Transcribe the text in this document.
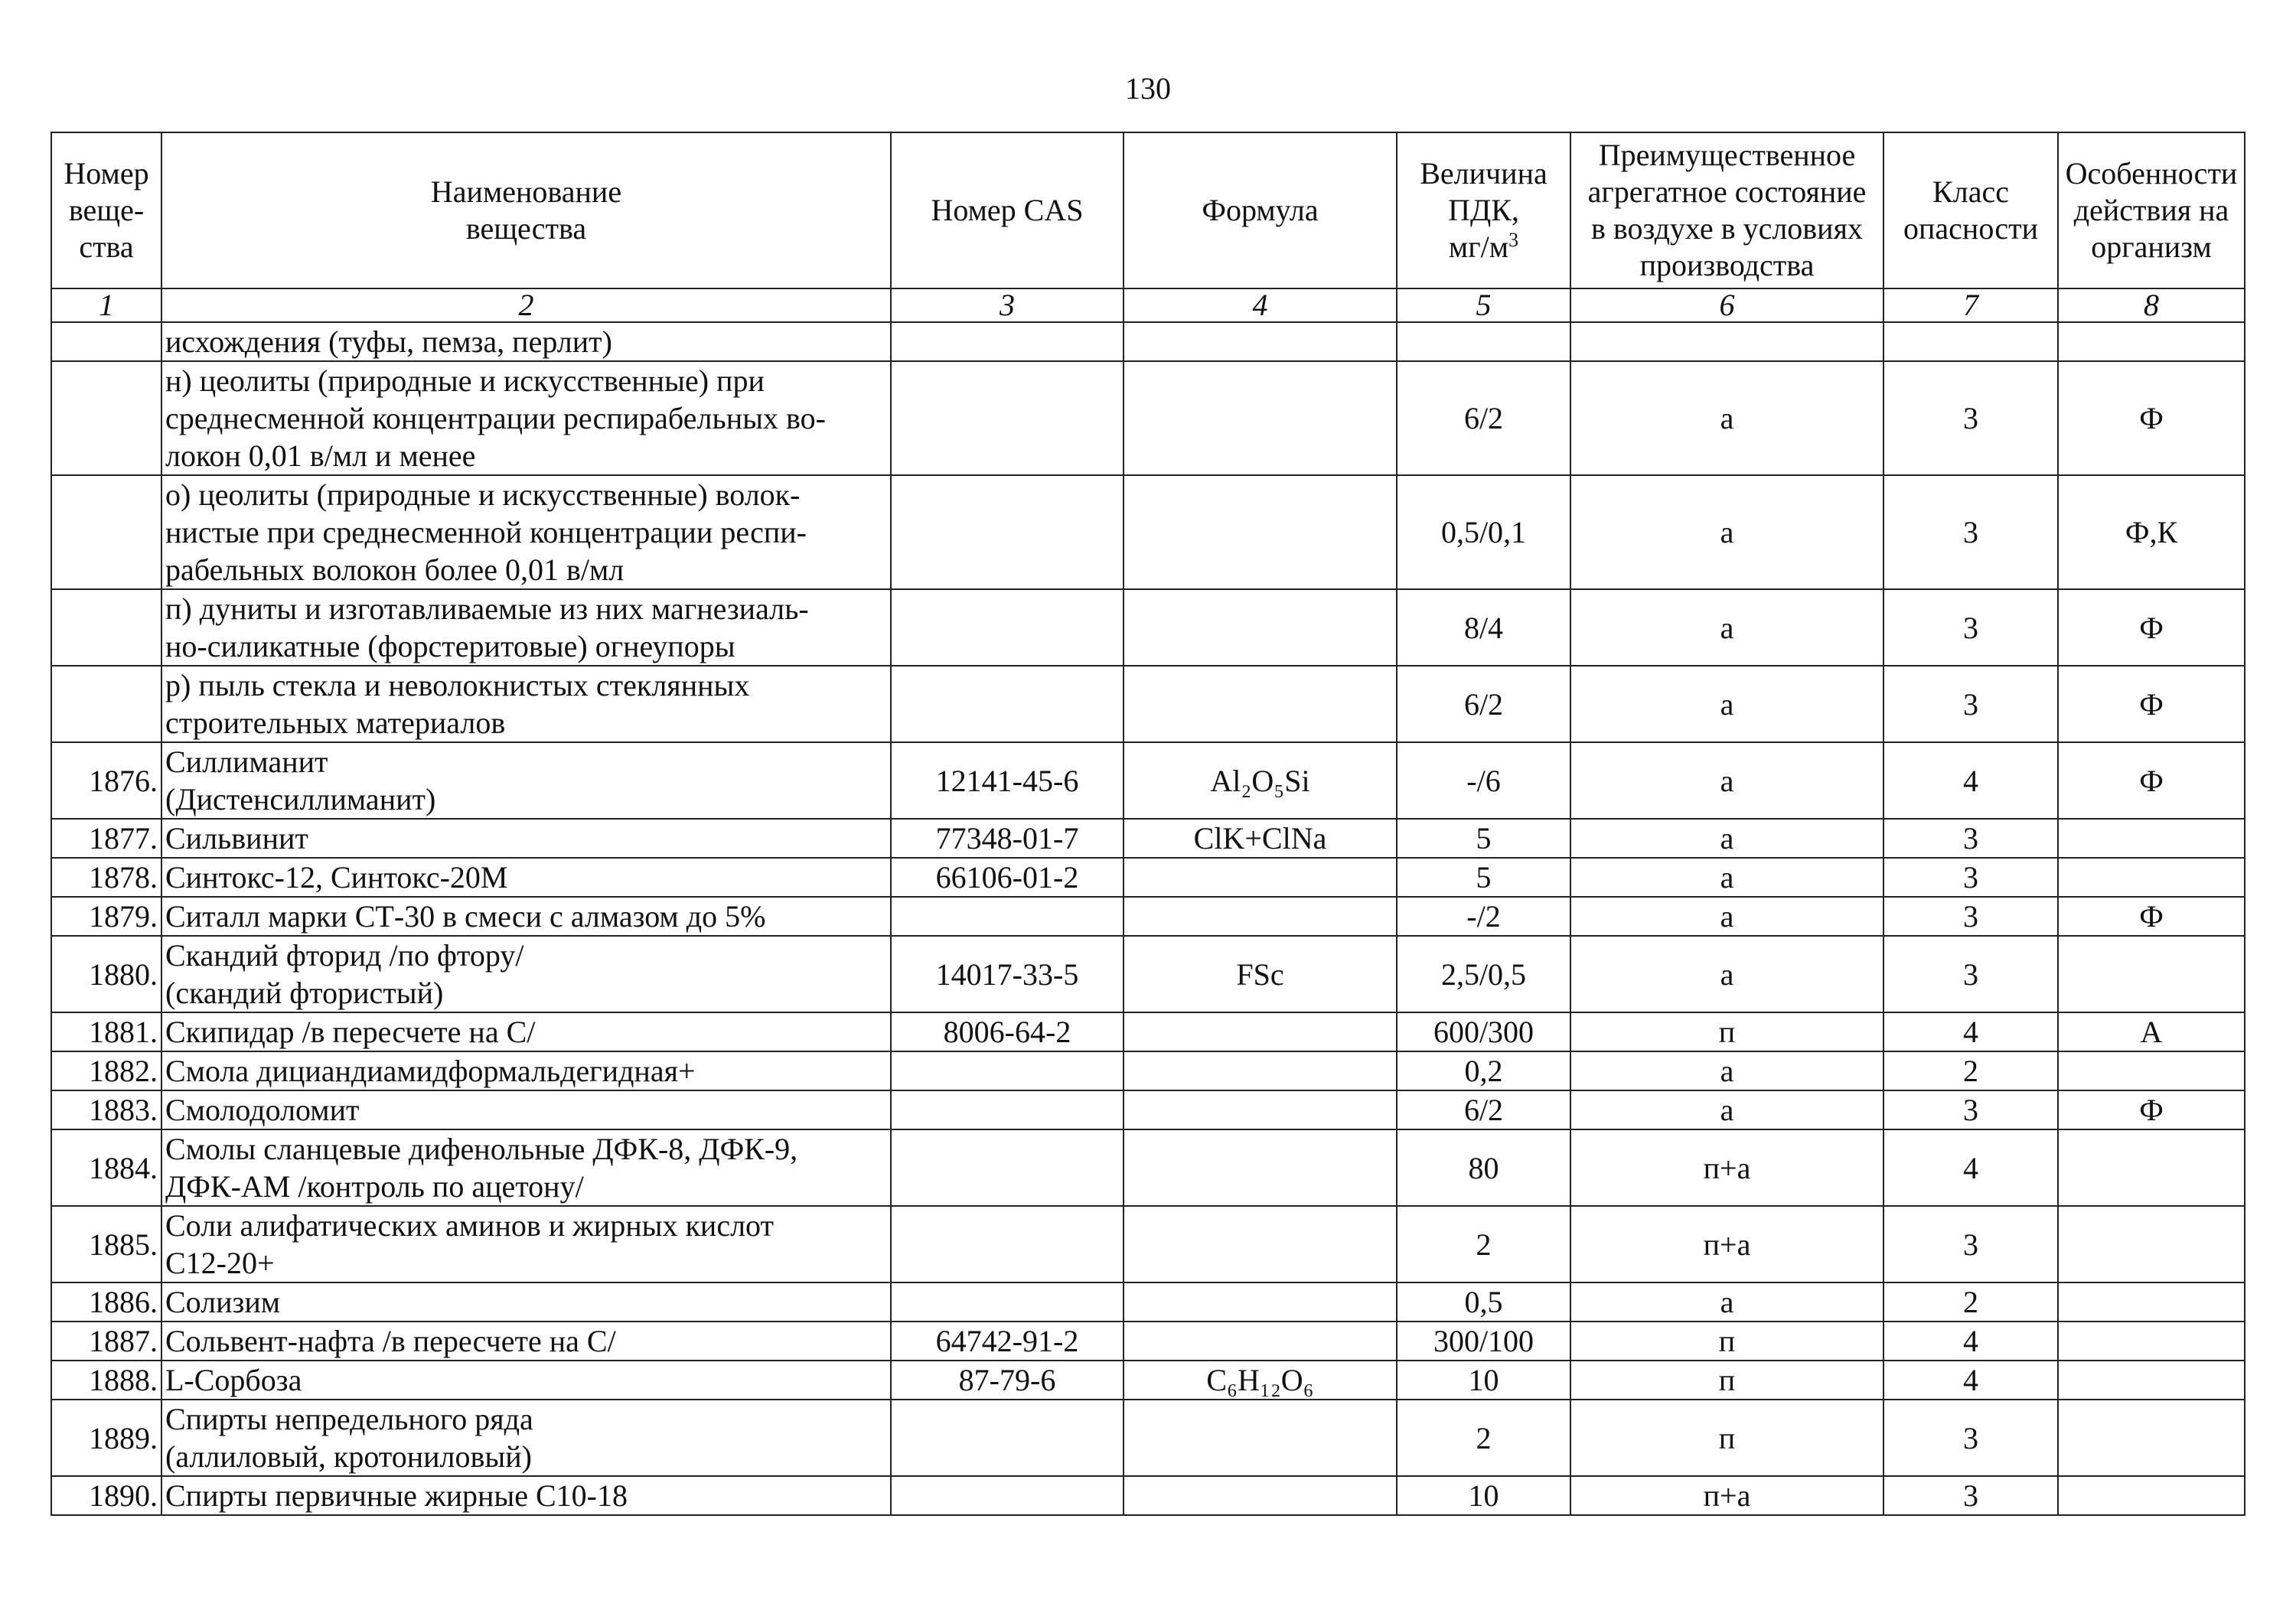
130
Номер
веще-
ства	Наименование
вещества	Номер CAS	Формула	Величина
ПДК,
$мг/м^3$	Преимущественное
агрегатное состояние
в воздухе в условиях
производства	Класс
опасности	Особенности
действия на
организм
1	2	3	4	5	6	7	8
	исхождения (туфы, пемза, перлит)						
	н) цеолиты (природные и искусственные) при
среднесменной концентрации респирабельных во-
локон 0,01 в/мл и менее			6/2	а	3	Ф
	о) цеолиты (природные и искусственные) волок-
нистые при среднесменной концентрации респи-
рабельных волокон более 0,01 в/мл			0,5/0,1	а	3	Ф,К
	п) дуниты и изготавливаемые из них магнезиаль-
но-силикатные (форстеритовые) огнеупоры			8/4	а	3	Ф
	р) пыль стекла и неволокнистых стеклянных
строительных материалов			6/2	а	3	Ф
1876.	Силлиманит
(Дистенсиллиманит)	12141-45-6	Al₂O₅Si	-/6	а	4	Ф
1877.	Сильвинит	77348-01-7	ClK+ClNa	5	а	3	
1878.	Синтокс-12, Синтокс-20М	66106-01-2		5	а	3	
1879.	Ситалл марки СТ-30 в смеси с алмазом до 5%			-/2	а	3	Ф
1880.	Скандий фторид /по фтору/
(скандий фтористый)	14017-33-5	FSc	2,5/0,5	а	3	
1881.	Скипидар /в пересчете на С/	8006-64-2		600/300	п	4	А
1882.	Смола дициандиамидформальдегидная+			0,2	а	2	
1883.	Смолодоломит			6/2	а	3	Ф
1884.	Смолы сланцевые дифенольные ДФК-8, ДФК-9,
ДФК-АМ /контроль по ацетону/			80	п+а	4	
1885.	Соли алифатических аминов и жирных кислот
С12-20+			2	п+а	3	
1886.	Солизим			0,5	а	2	
1887.	Сольвент-нафта /в пересчете на С/	64742-91-2		300/100	п	4	
1888.	L-Сорбоза	87-79-6	C₆H₁₂O₆	10	п	4	
1889.	Спирты непредельного ряда
(аллиловый, кротониловый)			2	п	3	
1890.	Спирты первичные жирные С10-18			10	п+а	3	
